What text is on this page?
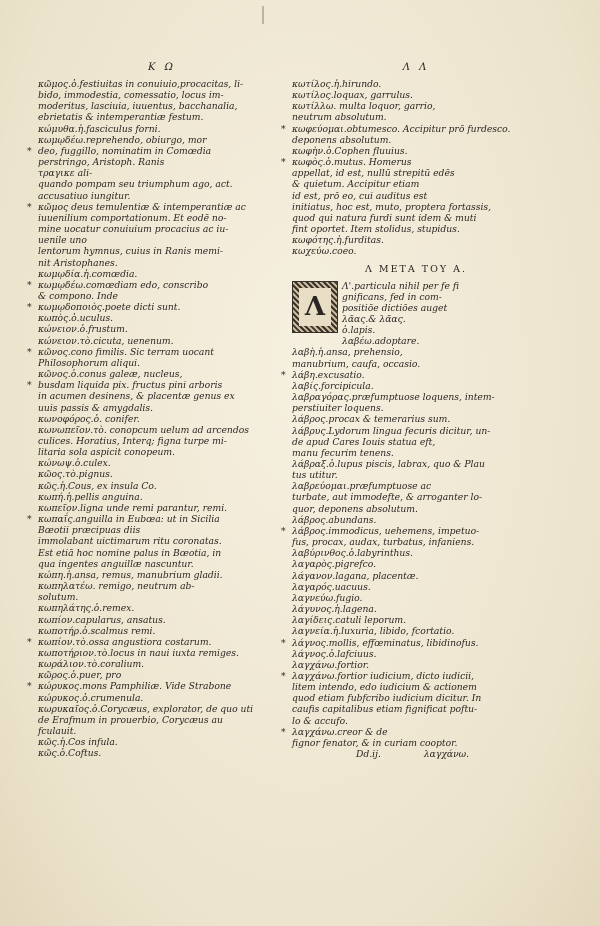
Κ Ω
κῶμος.ὁ.festiuitas in conuiuio,procacitas, li-
bido, immodestia, comessatio, locus im-
moderitus, lasciuia, iuuentus, bacchanalia,
ebrietatis & intemperantiæ festum.
κώμυθα.ἡ.fasciculus forni.
κωμῳδέω.reprehendo, obiurgo, mor
* deo, fuggillo, nominatim in Comœdia
perstringo, Aristoph. Ranis
τραγικε ali-
quando pompam seu triumphum ago, act.
accusatiuo iungitur.
* κῶμος deus temulentiæ & intemperantiæ ac
iuuenilium comportationum. Et eodē no-
mine uocatur conuiuium procacius ac iu-
uenile uno
lentorum hymnus, cuius in Ranis memi-
nit Aristophanes.
κωμῳδία.ἡ.comœdia.
* κωμῳδέω.comœdiam edo, conscribo
& compono. Inde
* κωμῳδοποιὸς.poete dicti sunt.
κωπὸς.ὁ.uculus.
κώνειον.ὁ.frustum.
κώνειον.τὸ.cicuta, uenenum.
* κῶνος.cono fimilis. Sic terram uocant
Philosophorum aliqui.
κῶνος.ὁ.conus galeæ, nucleus,
* busdam liquida pix. fructus pini arboris
in acumen desinens, & placentæ genus ex
uuis passis & amygdalis.
κωνοφόρος.ὁ. conifer.
κωνωπεῖον.τὸ. conopcum uelum ad arcendos
culices. Horatius, Interq; figna turpe mi-
litaria sola aspicit conopeum.
κώνωψ.ὁ.culex.
κῶος.τὸ.pignus.
κῶς.ἡ.Cous, ex insula Co.
κωπή.ἡ.pellis anguina.
κωπεῖον.ligna unde remi parantur, remi.
* κωπαΐς.anguilla in Eubœa: ut in Sicilia
Bœotii præcipuas diis
immolabant uictimarum ritu coronatas.
Est etiā hoc nomine palus in Bœotia, in
qua ingentes anguillæ nascuntur.
κώπη.ἡ.ansa, remus, manubrium gladii.
κωπηλατέω. remigo, neutrum ab-
solutum.
κωπηλάτης.ὁ.remex.
κωπίον.capularus, ansatus.
κωποτήρ.ὁ.scalmus remi.
* κωπίον.τὸ.ossa angustiora costarum.
κωποτήριον.τὸ.locus in naui iuxta remiges.
κωράλιον.τὸ.coralium.
κῶρος.ὁ.puer, pro
* κώρυκος.mons Pamphiliæ. Vide Strabone
κώρυκος.ὁ.crumenula.
κωρυκαῖος.ὁ.Corycæus, explorator, de quo uti
de Erafmum in prouerbio, Corycæus au
fculauit.
κῶς.ἡ.Cos infula.
κῶς.ὁ.Coftus.
Λ Λ
κωτίλος.ἡ.hirundo.
κωτίλος.loquax, garrulus.
κωτίλλω. multa loquor, garrio,
neutrum absolutum.
* κωφεύομαι.obtumesco. Accipitur prō furdesco.
deponens absolutum.
κωφὴν.ὁ.Cophen fluuius.
* κωφὸς.ὁ.mutus. Homerus
appellat, id est, nullū strepitū edēs
& quietum. Accipitur etiam
id est, prō eo, cui auditus est
initiatus, hoc est, muto, proptera fortassis,
quod qui natura furdi sunt idem & muti
fint oportet. Item stolidus, stupidus.
κωφότης.ἡ.furditas.
κωχεύω.coeo.
Λ ΜΕΤΑ ΤΟΥ Α.
Λ
Λ'.particula nihil per fe fi
gnificans, fed in com-
positiōe dictiōes auget
λᾶας.& λᾶας.
ὁ.lapis.
λαβέω.adoptare.
λαβὴ.ἡ.ansa, prehensio,
manubrium, caufa, occasio.
* λάβη.excusatio.
λαβίς.forcipicula.
λαβραγόρας.præfumptuose loquens, intem-
perstiuiter loquens.
λάβρος.procax & temerarius sum.
λάβρυς.Lydorum lingua fecuris dicitur, un-
de apud Cares Iouis statua eft,
manu fecurim tenens.
λάβραξ.ὁ.lupus piscis, labrax, quo & Plau
tus utitur.
λαβρεύομαι.præfumptuose ac
turbate, aut immodefte, & arroganter lo-
quor, deponens absolutum.
λάβρος.abundans.
* λάβρος.immodicus, uehemens, impetuo-
fus, procax, audax, turbatus, infaniens.
λαβύρινθος.ὁ.labyrinthus.
λαγαρὸς.pigrefco.
λάγανον.lagana, placentæ.
λαγαρός.uacuus.
λαγνεύω.fugio.
λάγυνος.ἡ.lagena.
λαγίδεις.catuli leporum.
λαγνεία.ἡ.luxuria, libido, fcortatio.
* λάγνος.mollis, effœminatus, libidinofus.
λάγνος.ὁ.lafciuus.
λαγχάνω.fortior.
* λαγχάνω.fortior iudicium, dicto iudicii,
litem intendo, edo iudicium & actionem
quod etiam fubfcribo iudicium dicitur. In
caufis capitalibus etiam fignificat poftu-
lo & accufo.
* λαγχάνω.creor & de
fignor fenator, & in curiam cooptor.
Dd.ij.	λαγχάνω.
